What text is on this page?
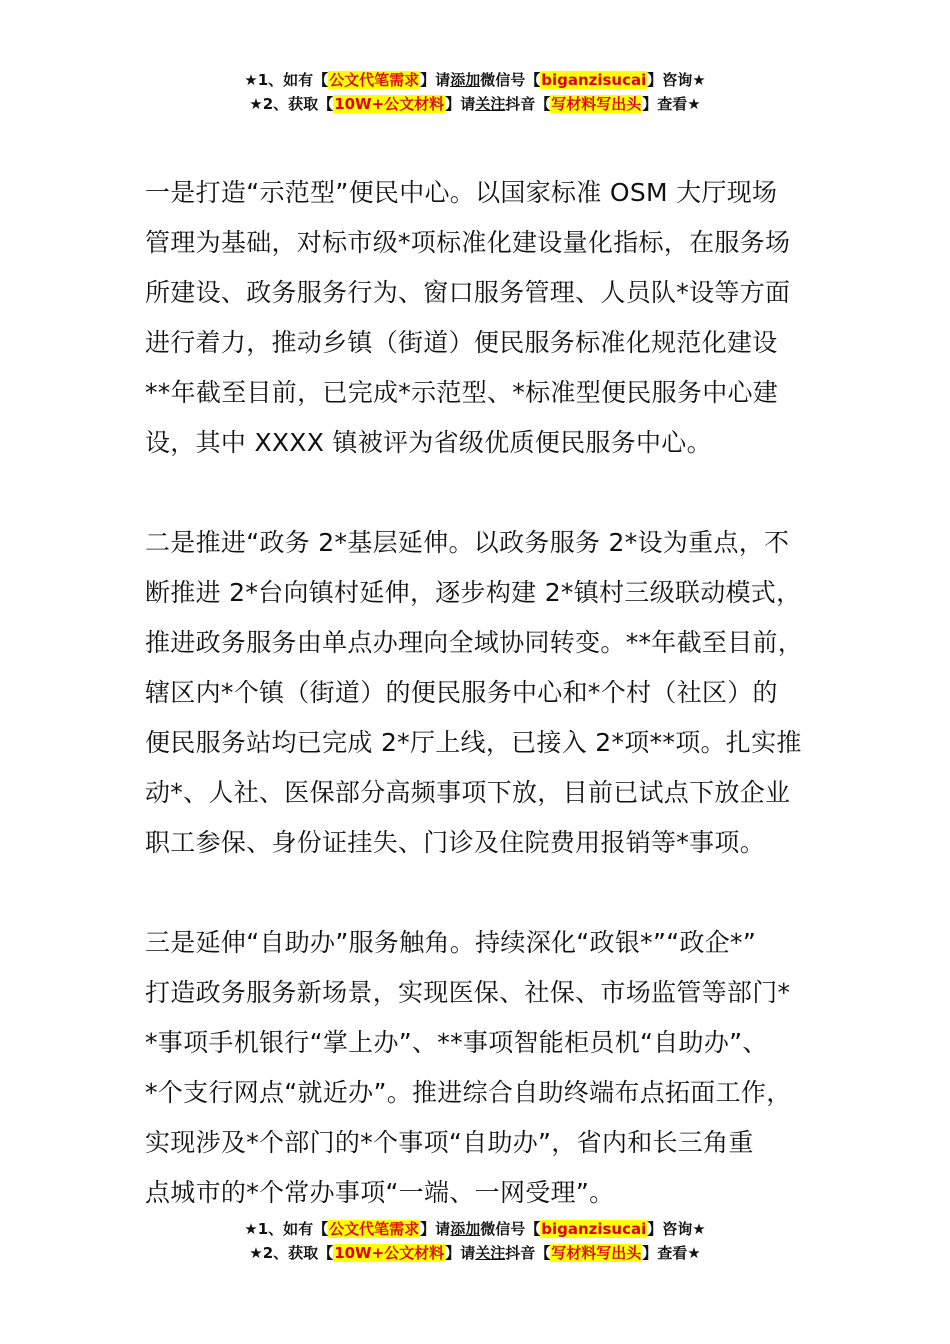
★1、如有【公文代笔需求】请添加微信号【biganzisucai】咨询★
★2、获取【10W+公文材料】请关注抖音【写材料写出头】查看★
一是打造“示范型”便民中心。以国家标准 OSM 大厅现场
管理为基础，对标市级*项标准化建设量化指标，在服务场
所建设、政务服务行为、窗口服务管理、人员队*设等方面
进行着力，推动乡镇（街道）便民服务标准化规范化建设
**年截至目前，已完成*示范型、*标准型便民服务中心建
设，其中 XXXX 镇被评为省级优质便民服务中心。
二是推进“政务 2*基层延伸。以政务服务 2*设为重点，不
断推进 2*台向镇村延伸，逐步构建 2*镇村三级联动模式，
推进政务服务由单点办理向全域协同转变。**年截至目前，
辖区内*个镇（街道）的便民服务中心和*个村（社区）的
便民服务站均已完成 2*厅上线，已接入 2*项**项。扎实推
动*、人社、医保部分高频事项下放，目前已试点下放企业
职工参保、身份证挂失、门诊及住院费用报销等*事项。
三是延伸“自助办”服务触角。持续深化“政银*”“政企*”
打造政务服务新场景，实现医保、社保、市场监管等部门*
*事项手机银行“掌上办”、**事项智能柜员机“自助办”、
*个支行网点“就近办”。推进综合自助终端布点拓面工作，
实现涉及*个部门的*个事项“自助办”，省内和长三角重
点城市的*个常办事项“一端、一网受理”。
★1、如有【公文代笔需求】请添加微信号【biganzisucai】咨询★
★2、获取【10W+公文材料】请关注抖音【写材料写出头】查看★
